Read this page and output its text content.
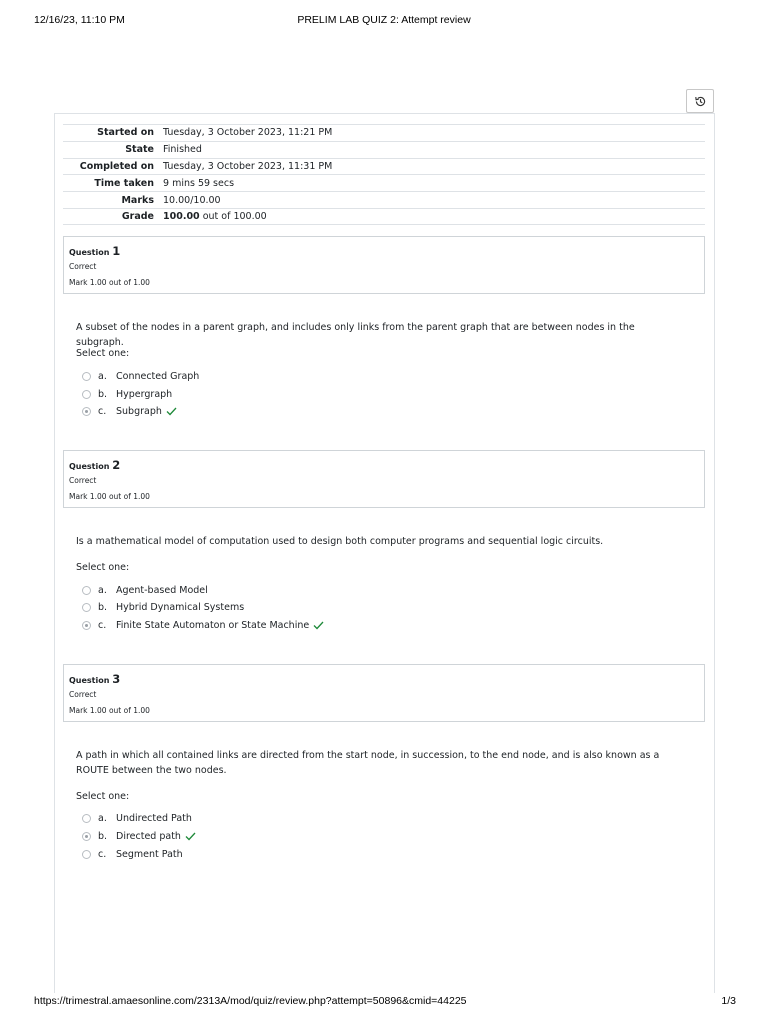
12/16/23, 11:10 PM	PRELIM LAB QUIZ 2: Attempt review
Started on Tuesday, 3 October 2023, 11:21 PM
State Finished
Completed on Tuesday, 3 October 2023, 11:31 PM
Time taken 9 mins 59 secs
Marks 10.00/10.00
Grade 100.00 out of 100.00
Question 1
Correct
Mark 1.00 out of 1.00
A subset of the nodes in a parent graph, and includes only links from the parent graph that are between nodes in the subgraph.
Select one:
a. Connected Graph
b. Hypergraph
c.	Subgraph
Question 2
Correct
Mark 1.00 out of 1.00
Is a mathematical model of computation used to design both computer programs and sequential logic circuits.
Select one:
a. Agent-based Model
b. Hybrid Dynamical Systems
c.	Finite State Automaton or State Machine
Question 3
Correct
Mark 1.00 out of 1.00
A path in which all contained links are directed from the start node, in succession, to the end node, and is also known as a ROUTE between the two nodes.
Select one:
a. Undirected Path
b. Directed path
c.	Segment Path
https://trimestral.amaesonline.com/2313A/mod/quiz/review.php?attempt=50896&cmid=44225	1/3
